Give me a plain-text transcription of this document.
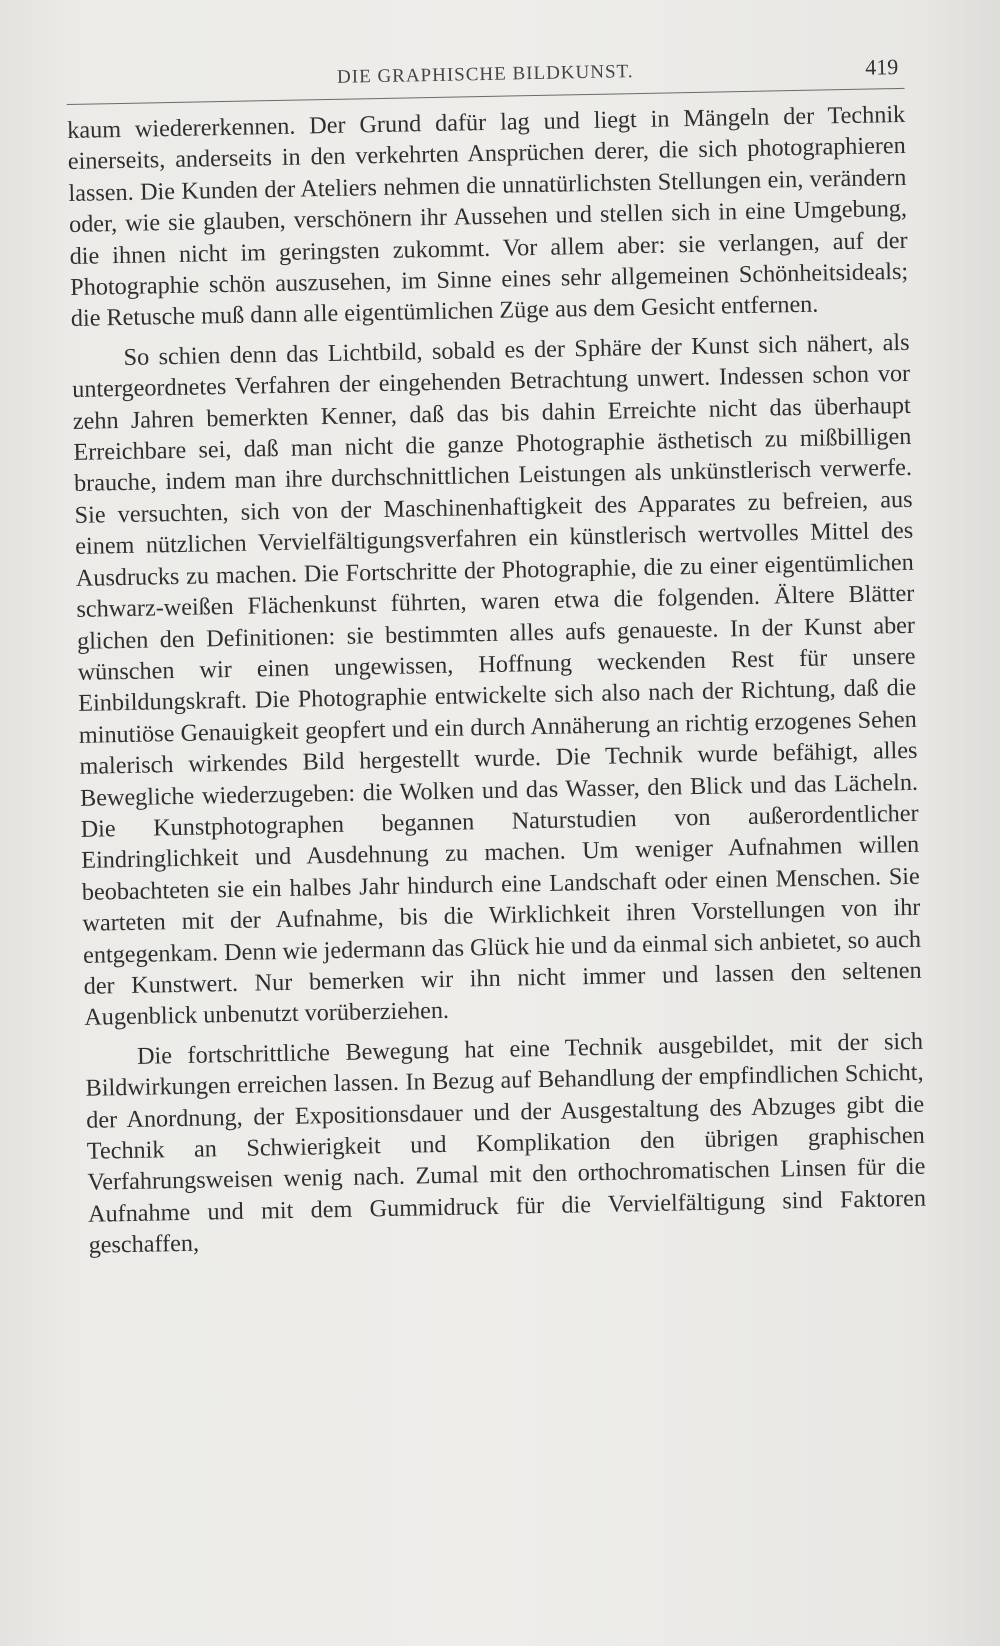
DIE GRAPHISCHE BILDKUNST.	419

kaum wiedererkennen. Der Grund dafür lag und liegt in Mängeln der Technik einerseits, anderseits in den verkehrten Ansprüchen derer, die sich photographieren lassen. Die Kunden der Ateliers nehmen die unnatürlichsten Stellungen ein, verändern oder, wie sie glauben, verschönern ihr Aussehen und stellen sich in eine Umgebung, die ihnen nicht im geringsten zukommt. Vor allem aber: sie verlangen, auf der Photographie schön auszusehen, im Sinne eines sehr allgemeinen Schönheitsideals; die Retusche muß dann alle eigentümlichen Züge aus dem Gesicht entfernen.

So schien denn das Lichtbild, sobald es der Sphäre der Kunst sich nähert, als untergeordnetes Verfahren der eingehenden Betrachtung unwert. Indessen schon vor zehn Jahren bemerkten Kenner, daß das bis dahin Erreichte nicht das überhaupt Erreichbare sei, daß man nicht die ganze Photographie ästhetisch zu mißbilligen brauche, indem man ihre durchschnittlichen Leistungen als unkünstlerisch verwerfe. Sie versuchten, sich von der Maschinenhaftigkeit des Apparates zu befreien, aus einem nützlichen Vervielfältigungsverfahren ein künstlerisch wertvolles Mittel des Ausdrucks zu machen. Die Fortschritte der Photographie, die zu einer eigentümlichen schwarz-weißen Flächenkunst führten, waren etwa die folgenden. Ältere Blätter glichen den Definitionen: sie bestimmten alles aufs genaueste. In der Kunst aber wünschen wir einen ungewissen, Hoffnung weckenden Rest für unsere Einbildungskraft. Die Photographie entwickelte sich also nach der Richtung, daß die minutiöse Genauigkeit geopfert und ein durch Annäherung an richtig erzogenes Sehen malerisch wirkendes Bild hergestellt wurde. Die Technik wurde befähigt, alles Bewegliche wiederzugeben: die Wolken und das Wasser, den Blick und das Lächeln. Die Kunstphotographen begannen Naturstudien von außerordentlicher Eindringlichkeit und Ausdehnung zu machen. Um weniger Aufnahmen willen beobachteten sie ein halbes Jahr hindurch eine Landschaft oder einen Menschen. Sie warteten mit der Aufnahme, bis die Wirklichkeit ihren Vorstellungen von ihr entgegenkam. Denn wie jedermann das Glück hie und da einmal sich anbietet, so auch der Kunstwert. Nur bemerken wir ihn nicht immer und lassen den seltenen Augenblick unbenutzt vorüberziehen.

Die fortschrittliche Bewegung hat eine Technik ausgebildet, mit der sich Bildwirkungen erreichen lassen. In Bezug auf Behandlung der empfindlichen Schicht, der Anordnung, der Expositionsdauer und der Ausgestaltung des Abzuges gibt die Technik an Schwierigkeit und Komplikation den übrigen graphischen Verfahrungsweisen wenig nach. Zumal mit den orthochromatischen Linsen für die Aufnahme und mit dem Gummidruck für die Vervielfältigung sind Faktoren geschaffen,
